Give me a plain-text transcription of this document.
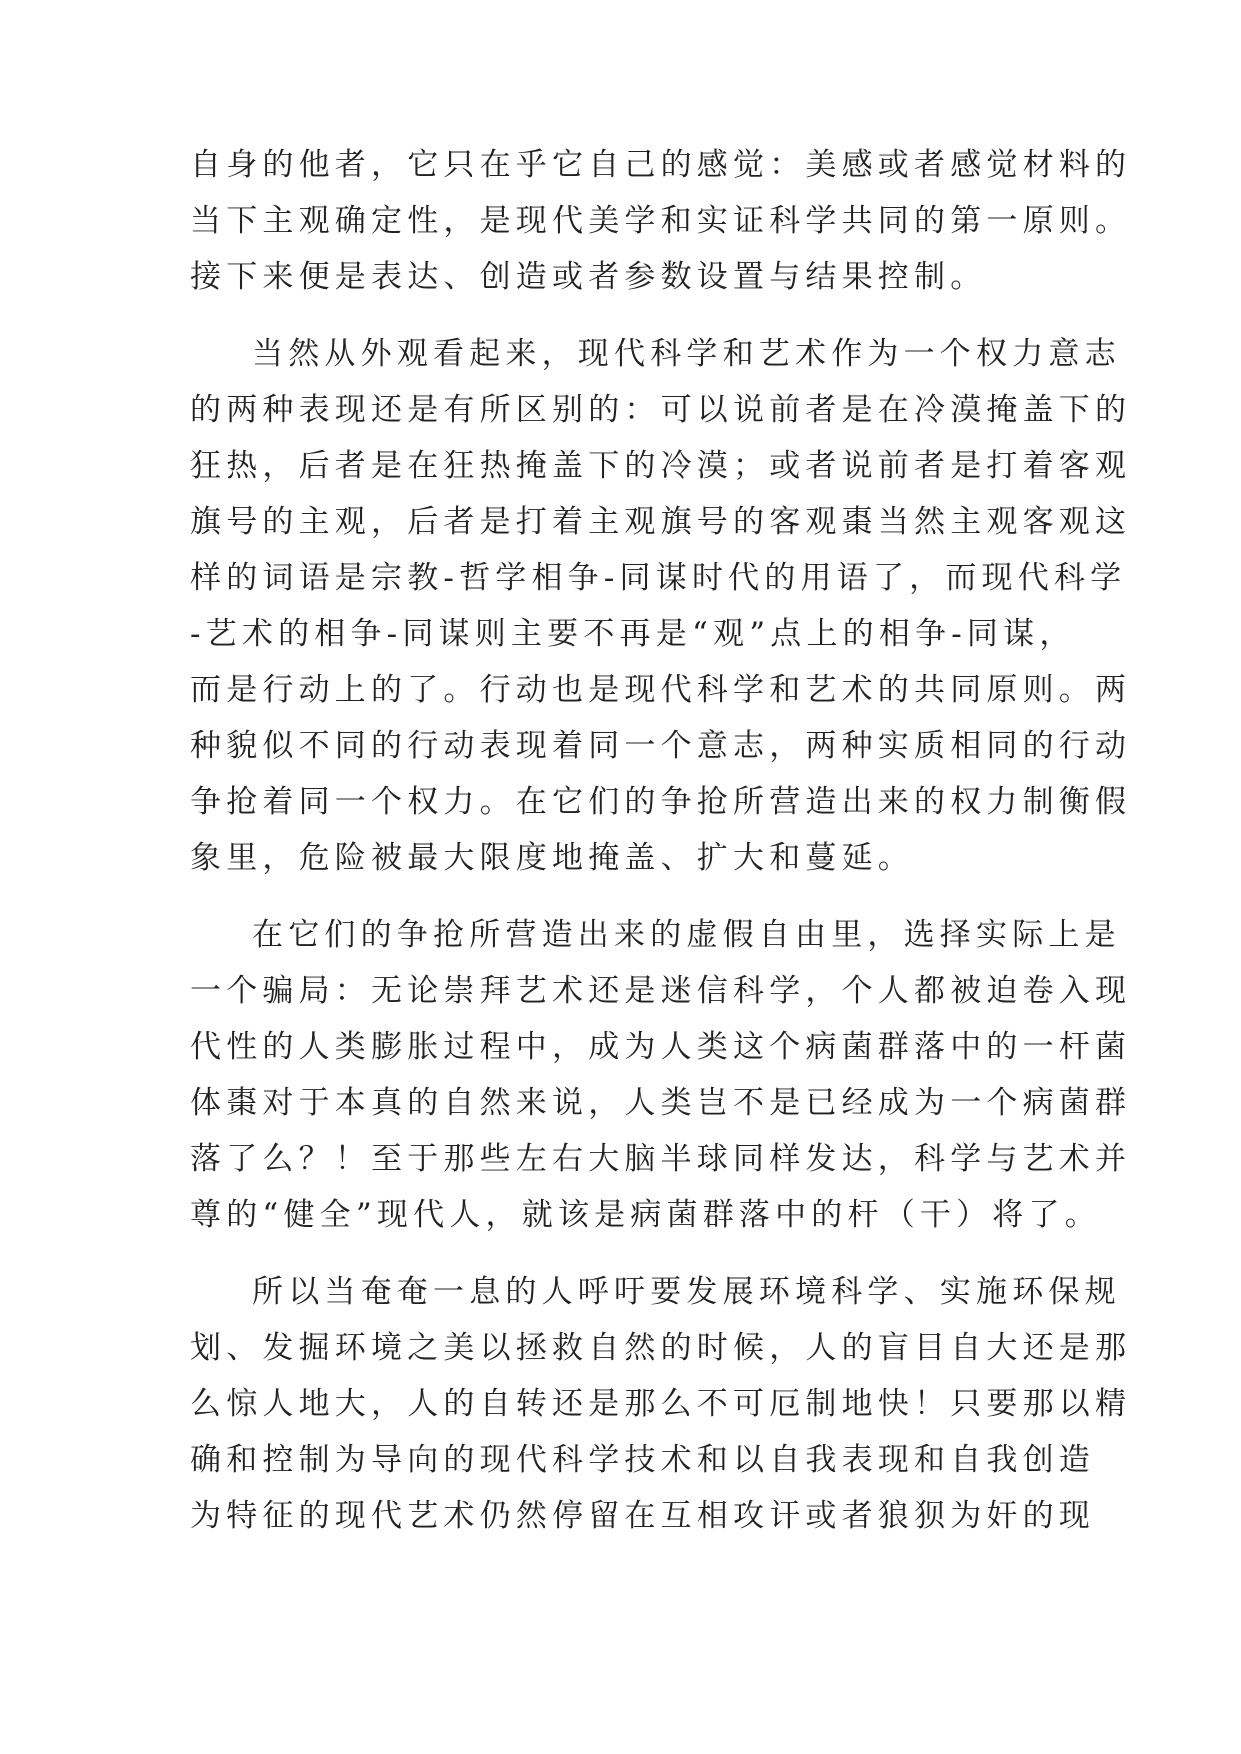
自身的他者，它只在乎它自己的感觉：美感或者感觉材料的

当下主观确定性，是现代美学和实证科学共同的第一原则。

接下来便是表达、创造或者参数设置与结果控制。

当然从外观看起来，现代科学和艺术作为一个权力意志

的两种表现还是有所区别的：可以说前者是在冷漠掩盖下的

狂热，后者是在狂热掩盖下的冷漠；或者说前者是打着客观

旗号的主观，后者是打着主观旗号的客观棗当然主观客观这

样的词语是宗教-哲学相争-同谋时代的用语了，而现代科学

-艺术的相争-同谋则主要不再是“观”点上的相争-同谋，

而是行动上的了。行动也是现代科学和艺术的共同原则。两

种貌似不同的行动表现着同一个意志，两种实质相同的行动

争抢着同一个权力。在它们的争抢所营造出来的权力制衡假

象里，危险被最大限度地掩盖、扩大和蔓延。

在它们的争抢所营造出来的虚假自由里，选择实际上是

一个骗局：无论崇拜艺术还是迷信科学，个人都被迫卷入现

代性的人类膨胀过程中，成为人类这个病菌群落中的一杆菌

体棗对于本真的自然来说，人类岂不是已经成为一个病菌群

落了么？！至于那些左右大脑半球同样发达，科学与艺术并

尊的“健全”现代人，就该是病菌群落中的杆（干）将了。

所以当奄奄一息的人呼吁要发展环境科学、实施环保规

划、发掘环境之美以拯救自然的时候，人的盲目自大还是那

么惊人地大，人的自转还是那么不可厄制地快！只要那以精

确和控制为导向的现代科学技术和以自我表现和自我创造

为特征的现代艺术仍然停留在互相攻讦或者狼狈为奸的现
